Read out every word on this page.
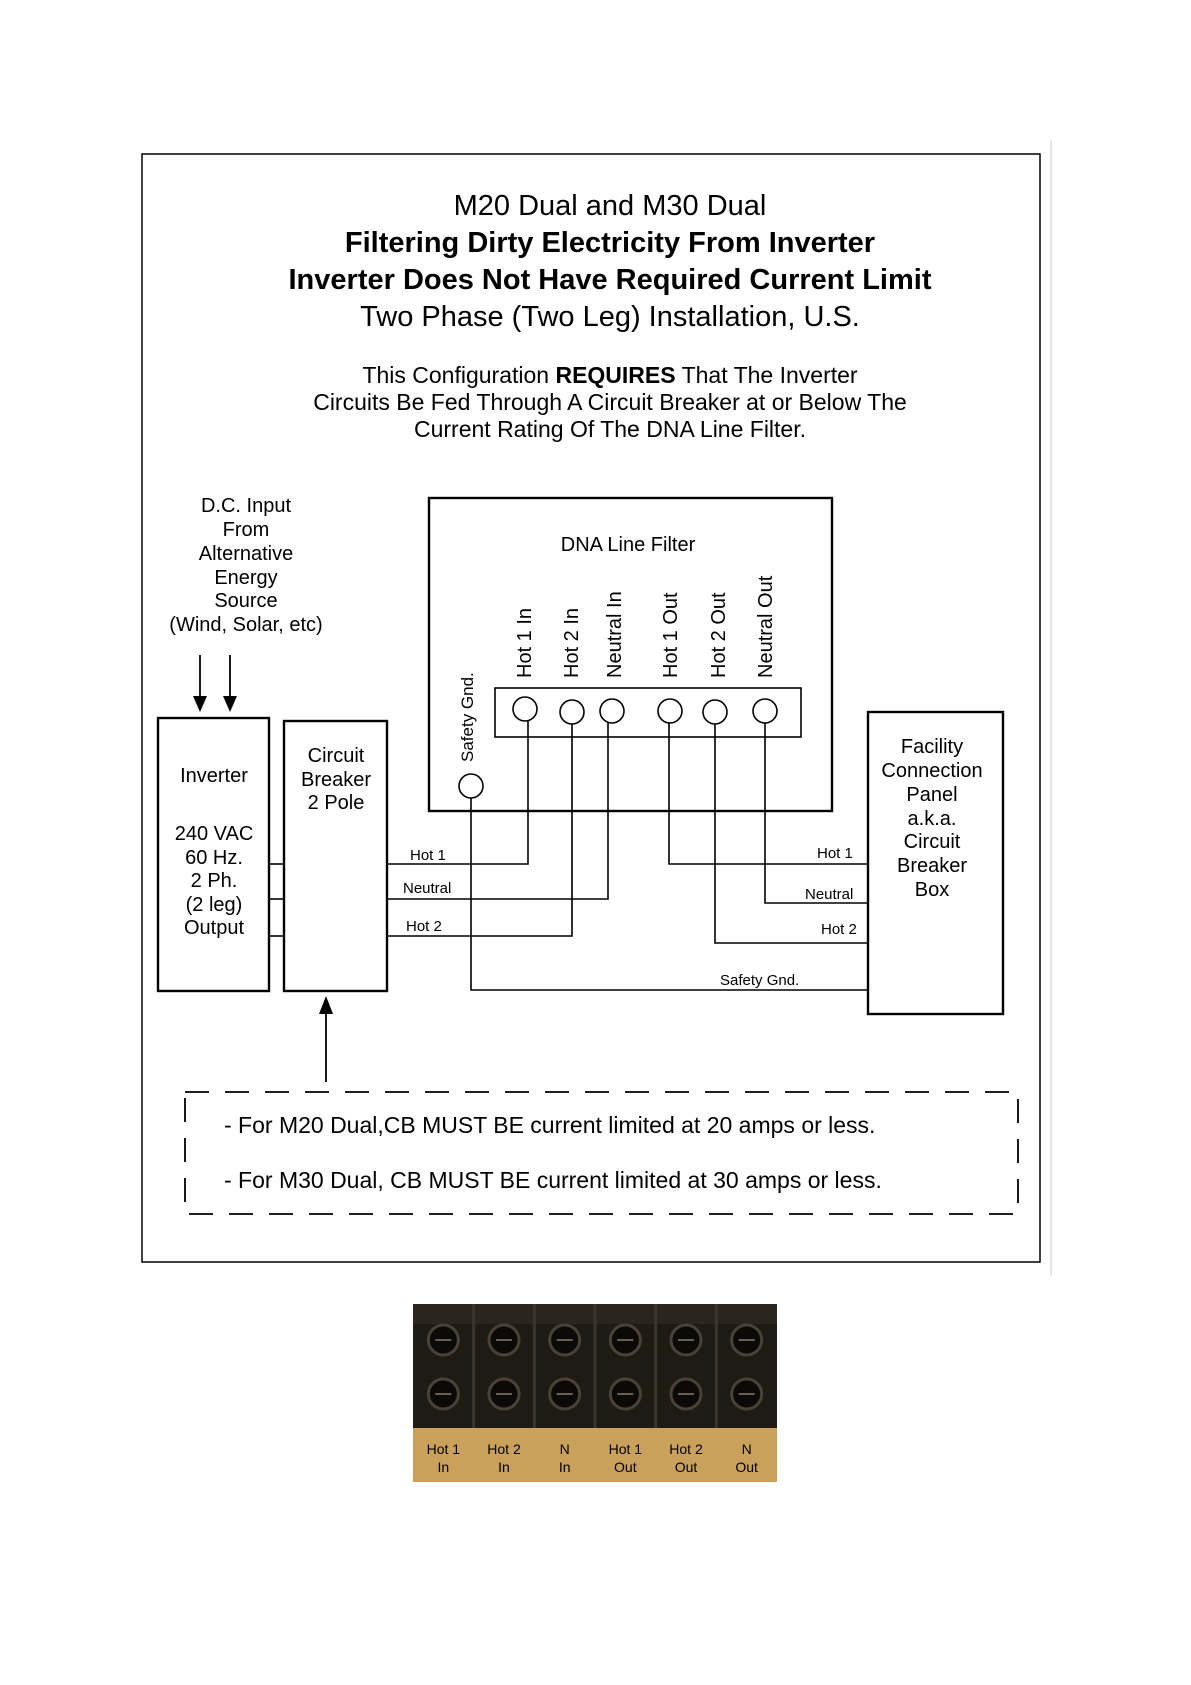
M20 Dual and M30 Dual
Filtering Dirty Electricity From Inverter
Inverter Does Not Have Required Current Limit
Two Phase (Two Leg) Installation, U.S.
This Configuration REQUIRES That The Inverter
Circuits Be Fed Through A Circuit Breaker at or Below The
Current Rating Of The DNA Line Filter.
D.C. Input
From
Alternative
Energy
Source
(Wind, Solar, etc)
Inverter
240 VAC
60 Hz.
2 Ph.
(2 leg)
Output
Circuit
Breaker
2 Pole
DNA Line Filter
Hot 1 In Hot 2 In Neutral In Hot 1 Out Hot 2 Out Neutral Out
Safety Gnd.
Hot 1
Neutral
Hot 2
Hot 1
Neutral
Hot 2
Safety Gnd.
Facility
Connection
Panel
a.k.a.
Circuit
Breaker
Box
- For M20 Dual,CB MUST BE current limited at 20 amps or less.
- For M30 Dual, CB MUST BE current limited at 30 amps or less.
Hot 1
In
Hot 2
In
N
In
Hot 1
Out
Hot 2
Out
N
Out
